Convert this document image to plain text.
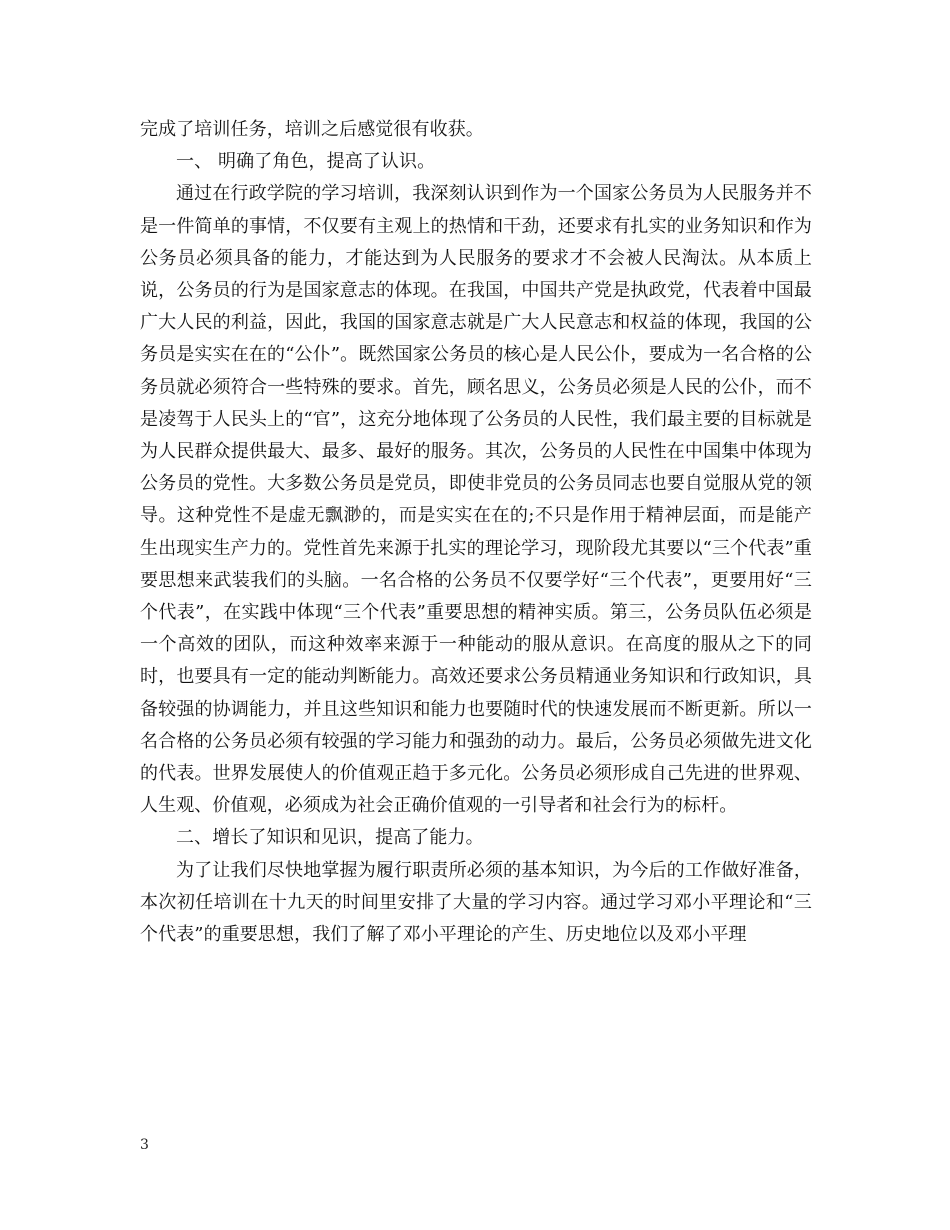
完成了培训任务，培训之后感觉很有收获。

一、 明确了角色，提高了认识。

通过在行政学院的学习培训，我深刻认识到作为一个国家公务员为人民服务并不是一件简单的事情，不仅要有主观上的热情和干劲，还要求有扎实的业务知识和作为公务员必须具备的能力，才能达到为人民服务的要求才不会被人民淘汰。从本质上说，公务员的行为是国家意志的体现。在我国，中国共产党是执政党，代表着中国最广大人民的利益，因此，我国的国家意志就是广大人民意志和权益的体现，我国的公务员是实实在在的“公仆”。既然国家公务员的核心是人民公仆，要成为一名合格的公务员就必须符合一些特殊的要求。首先，顾名思义，公务员必须是人民的公仆，而不是凌驾于人民头上的“官”，这充分地体现了公务员的人民性，我们最主要的目标就是为人民群众提供最大、最多、最好的服务。其次，公务员的人民性在中国集中体现为公务员的党性。大多数公务员是党员，即使非党员的公务员同志也要自觉服从党的领导。这种党性不是虚无飘渺的，而是实实在在的;不只是作用于精神层面，而是能产生出现实生产力的。党性首先来源于扎实的理论学习，现阶段尤其要以“三个代表”重要思想来武装我们的头脑。一名合格的公务员不仅要学好“三个代表”，更要用好“三个代表”，在实践中体现“三个代表”重要思想的精神实质。第三，公务员队伍必须是一个高效的团队，而这种效率来源于一种能动的服从意识。在高度的服从之下的同时，也要具有一定的能动判断能力。高效还要求公务员精通业务知识和行政知识，具备较强的协调能力，并且这些知识和能力也要随时代的快速发展而不断更新。所以一名合格的公务员必须有较强的学习能力和强劲的动力。最后，公务员必须做先进文化的代表。世界发展使人的价值观正趋于多元化。公务员必须形成自己先进的世界观、人生观、价值观，必须成为社会正确价值观的一引导者和社会行为的标杆。

二、增长了知识和见识，提高了能力。

为了让我们尽快地掌握为履行职责所必须的基本知识，为今后的工作做好准备，本次初任培训在十九天的时间里安排了大量的学习内容。通过学习邓小平理论和“三个代表”的重要思想，我们了解了邓小平理论的产生、历史地位以及邓小平理

3
